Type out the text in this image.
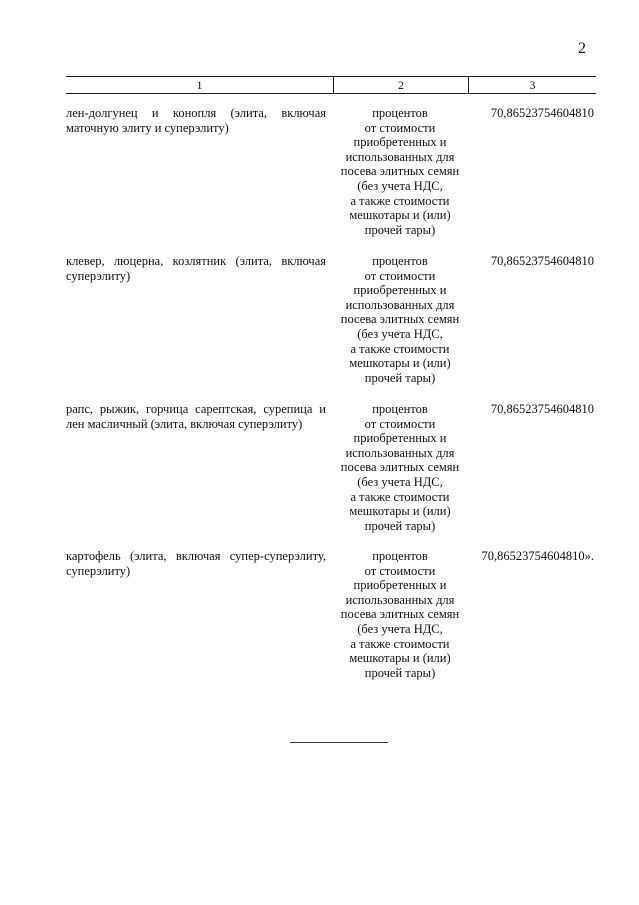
2
1	2	3
лен-долгунец и конопля (элита, включая маточную элиту и суперэлиту)
процентов
от стоимости
приобретенных и
использованных для
посева элитных семян
(без учета НДС,
а также стоимости
мешкотары и (или)
прочей тары)
70,86523754604810
клевер, люцерна, козлятник (элита, включая суперэлиту)
процентов
от стоимости
приобретенных и
использованных для
посева элитных семян
(без учета НДС,
а также стоимости
мешкотары и (или)
прочей тары)
70,86523754604810
рапс, рыжик, горчица сарептская, сурепица и лен масличный (элита, включая суперэлиту)
процентов
от стоимости
приобретенных и
использованных для
посева элитных семян
(без учета НДС,
а также стоимости
мешкотары и (или)
прочей тары)
70,86523754604810
картофель (элита, включая супер-суперэлиту, суперэлиту)
процентов
от стоимости
приобретенных и
использованных для
посева элитных семян
(без учета НДС,
а также стоимости
мешкотары и (или)
прочей тары)
70,86523754604810».
